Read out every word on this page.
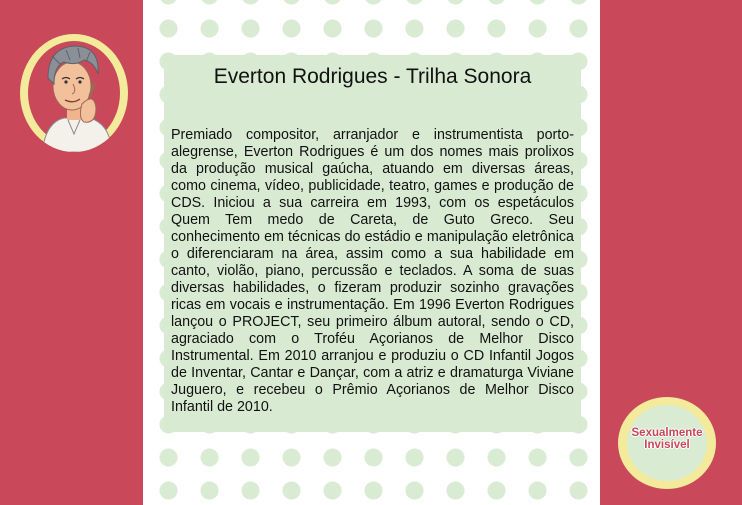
Everton Rodrigues - Trilha Sonora

Premiado compositor, arranjador e instrumentista porto-alegrense, Everton Rodrigues é um dos nomes mais prolixos da produção musical gaúcha, atuando em diversas áreas, como cinema, vídeo, publicidade, teatro, games e produção de CDS. Iniciou a sua carreira em 1993, com os espetáculos Quem Tem medo de Careta, de Guto Greco. Seu conhecimento em técnicas do estádio e manipulação eletrônica o diferenciaram na área, assim como a sua habilidade em canto, violão, piano, percussão e teclados. A soma de suas diversas habilidades, o fizeram produzir sozinho gravações ricas em vocais e instrumentação. Em 1996 Everton Rodrigues lançou o PROJECT, seu primeiro álbum autoral, sendo o CD, agraciado com o Troféu Açorianos de Melhor Disco Instrumental. Em 2010 arranjou e produziu o CD Infantil Jogos de Inventar, Cantar e Dançar, com a atriz e dramaturga Viviane Juguero, e recebeu o Prêmio Açorianos de Melhor Disco Infantil de 2010.

Sexualmente
Invisível
